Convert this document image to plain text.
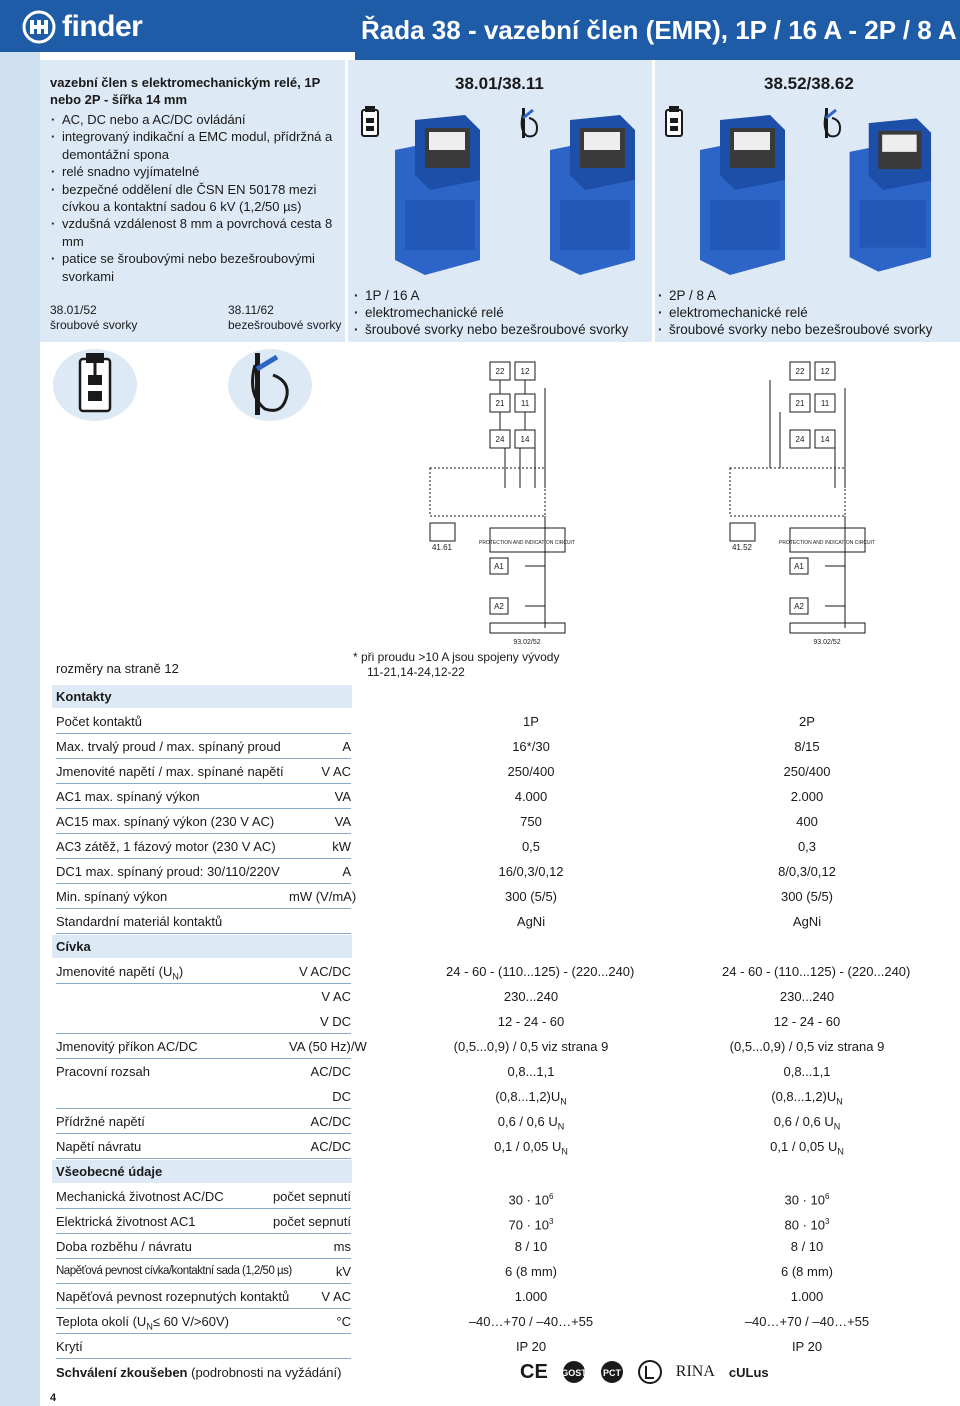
finder	Řada 38 - vazební člen (EMR), 1P / 16 A - 2P / 8 A
vazební člen s elektromechanickým relé, 1P nebo 2P - šířka 14 mm
· AC, DC nebo a AC/DC ovládání
· integrovaný indikační a EMC modul, přídržná a demontážní spona
· relé snadno vyjímatelné
· bezpečné oddělení dle ČSN EN 50178 mezi cívkou a kontaktní sadou 6 kV (1,2/50 µs)
· vzdušná vzdálenost 8 mm a povrchová cesta 8 mm
· patice se šroubovými nebo bezešroubovými svorkami
38.01/52
šroubové svorky
38.11/62
bezešroubové svorky
38.01/38.11	38.52/38.62
· 1P / 16 A
· elektromechanické relé
· šroubové svorky nebo bezešroubové svorky
· 2P / 8 A
· elektromechanické relé
· šroubové svorky nebo bezešroubové svorky
22 12
21 11
24 14
A1
A2
41.61	PROTECTION AND INDICATION CIRCUIT
93.02/52
22 12
21 11
24 14
A1
A2
41.52	PROTECTION AND INDICATION CIRCUIT
93.02/52
rozměry na straně 12
* při proudu >10 A jsou spojeny vývody
11-21,14-24,12-22
Kontakty
Počet kontaktů	1P	2P
Max. trvalý proud / max. spínaný proud	A	16*/30	8/15
Jmenovité napětí / max. spínané napětí	V AC	250/400	250/400
AC1 max. spínaný výkon	VA	4.000	2.000
AC15 max. spínaný výkon (230 V AC)	VA	750	400
AC3 zátěž, 1 fázový motor (230 V AC)	kW	0,5	0,3
DC1 max. spínaný proud: 30/110/220V	A	16/0,3/0,12	8/0,3/0,12
Min. spínaný výkon	mW (V/mA)	300 (5/5)	300 (5/5)
Standardní materiál kontaktů	AgNi	AgNi
Cívka
Jmenovité napětí $(U_N)$	V AC/DC	24 - 60 - (110...125) - (220...240)	24 - 60 - (110...125) - (220...240)
V AC	230...240	230...240
V DC	12 - 24 - 60	12 - 24 - 60
Jmenovitý příkon AC/DC	VA (50 Hz)/W	(0,5...0,9) / 0,5 viz strana 9	(0,5...0,9) / 0,5 viz strana 9
Pracovní rozsah	AC/DC	0,8...1,1	0,8...1,1
DC	$(0,8...1,2)U_N$	$(0,8...1,2)U_N$
Přídržné napětí	AC/DC	0,6 / 0,6 $U_N$	0,6 / 0,6 $U_N$
Napětí návratu	AC/DC	0,1 / 0,05 $U_N$	0,1 / 0,05 $U_N$
Všeobecné údaje
Mechanická životnost AC/DC	počet sepnutí	$30 \cdot 10^6$	$30 \cdot 10^6$
Elektrická životnost AC1	počet sepnutí	$70 \cdot 10^3$	$80 \cdot 10^3$
Doba rozběhu / návratu	ms	8 / 10	8 / 10
Napěťová pevnost cívka/kontaktní sada (1,2/50 µs)	kV	6 (8 mm)	6 (8 mm)
Napěťová pevnost rozepnutých kontaktů	V AC	1.000	1.000
Teplota okolí ($U_N\le 60$ V/>60V)	°C	–40…+70 / –40…+55	–40…+70 / –40…+55
Krytí	IP 20	IP 20
Schválení zkoušeben (podrobnosti na vyžádání)	CE GOST PCT	RINA cULus
4
